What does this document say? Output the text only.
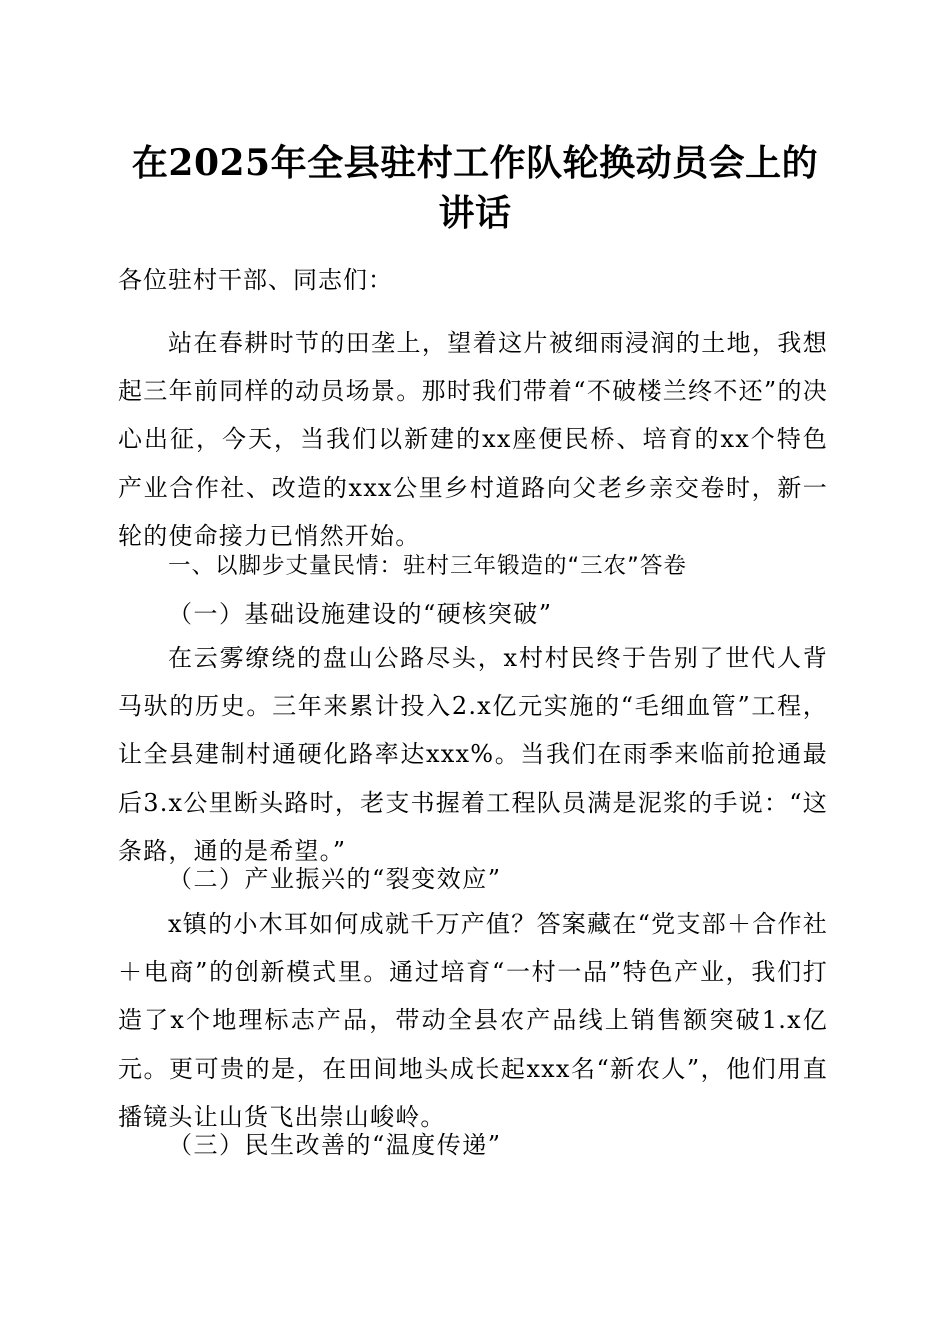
在2025年全县驻村工作队轮换动员会上的讲话

各位驻村干部、同志们：

站在春耕时节的田垄上，望着这片被细雨浸润的土地，我想起三年前同样的动员场景。那时我们带着“不破楼兰终不还”的决心出征，今天，当我们以新建的xx座便民桥、培育的xx个特色产业合作社、改造的xxx公里乡村道路向父老乡亲交卷时，新一轮的使命接力已悄然开始。

一、以脚步丈量民情：驻村三年锻造的“三农”答卷

（一）基础设施建设的“硬核突破”

在云雾缭绕的盘山公路尽头，x村村民终于告别了世代人背马驮的历史。三年来累计投入2.x亿元实施的“毛细血管”工程，让全县建制村通硬化路率达xxx%。当我们在雨季来临前抢通最后3.x公里断头路时，老支书握着工程队员满是泥浆的手说：“这条路，通的是希望。”

（二）产业振兴的“裂变效应”

x镇的小木耳如何成就千万产值？答案藏在“党支部＋合作社＋电商”的创新模式里。通过培育“一村一品”特色产业，我们打造了x个地理标志产品，带动全县农产品线上销售额突破1.x亿元。更可贵的是，在田间地头成长起xxx名“新农人”，他们用直播镜头让山货飞出崇山峻岭。

（三）民生改善的“温度传递”
